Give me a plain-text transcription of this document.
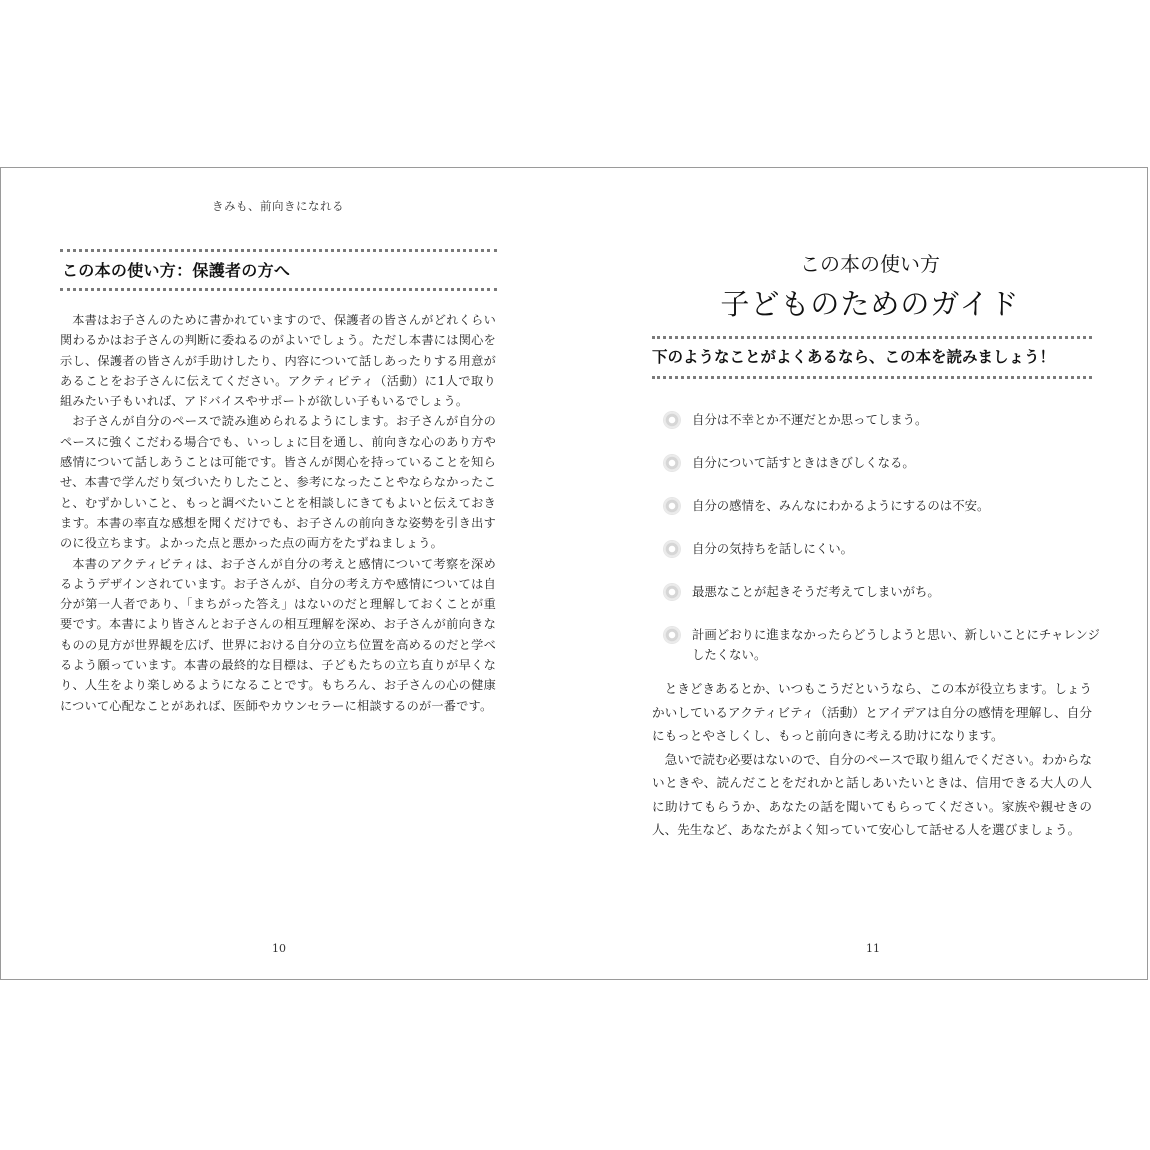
きみも、前向きになれる
この本の使い方：保護者の方へ

本書はお子さんのために書かれていますので、保護者の皆さんがどれくらい関わるかはお子さんの判断に委ねるのがよいでしょう。ただし本書には関心を示し、保護者の皆さんが手助けしたり、内容について話しあったりする用意があることをお子さんに伝えてください。アクティビティ（活動）に1人で取り組みたい子もいれば、アドバイスやサポートが欲しい子もいるでしょう。

お子さんが自分のペースで読み進められるようにします。お子さんが自分のペースに強くこだわる場合でも、いっしょに目を通し、前向きな心のあり方や感情について話しあうことは可能です。皆さんが関心を持っていることを知らせ、本書で学んだり気づいたりしたこと、参考になったことやならなかったこと、むずかしいこと、もっと調べたいことを相談しにきてもよいと伝えておきます。本書の率直な感想を聞くだけでも、お子さんの前向きな姿勢を引き出すのに役立ちます。よかった点と悪かった点の両方をたずねましょう。

本書のアクティビティは、お子さんが自分の考えと感情について考察を深めるようデザインされています。お子さんが、自分の考え方や感情については自分が第一人者であり、「まちがった答え」はないのだと理解しておくことが重要です。本書により皆さんとお子さんの相互理解を深め、お子さんが前向きなものの見方が世界観を広げ、世界における自分の立ち位置を高めるのだと学べるよう願っています。本書の最終的な目標は、子どもたちの立ち直りが早くなり、人生をより楽しめるようになることです。もちろん、お子さんの心の健康について心配なことがあれば、医師やカウンセラーに相談するのが一番です。

10
この本の使い方
子どものためのガイド
下のようなことがよくあるなら、この本を読みましょう！
自分は不幸とか不運だとか思ってしまう。
自分について話すときはきびしくなる。
自分の感情を、みんなにわかるようにするのは不安。
自分の気持ちを話しにくい。
最悪なことが起きそうだ考えてしまいがち。
計画どおりに進まなかったらどうしようと思い、新しいことにチャレンジしたくない。

ときどきあるとか、いつもこうだというなら、この本が役立ちます。しょうかいしているアクティビティ（活動）とアイデアは自分の感情を理解し、自分にもっとやさしくし、もっと前向きに考える助けになります。

急いで読む必要はないので、自分のペースで取り組んでください。わからないときや、読んだことをだれかと話しあいたいときは、信用できる大人の人に助けてもらうか、あなたの話を聞いてもらってください。家族や親せきの人、先生など、あなたがよく知っていて安心して話せる人を選びましょう。

11
